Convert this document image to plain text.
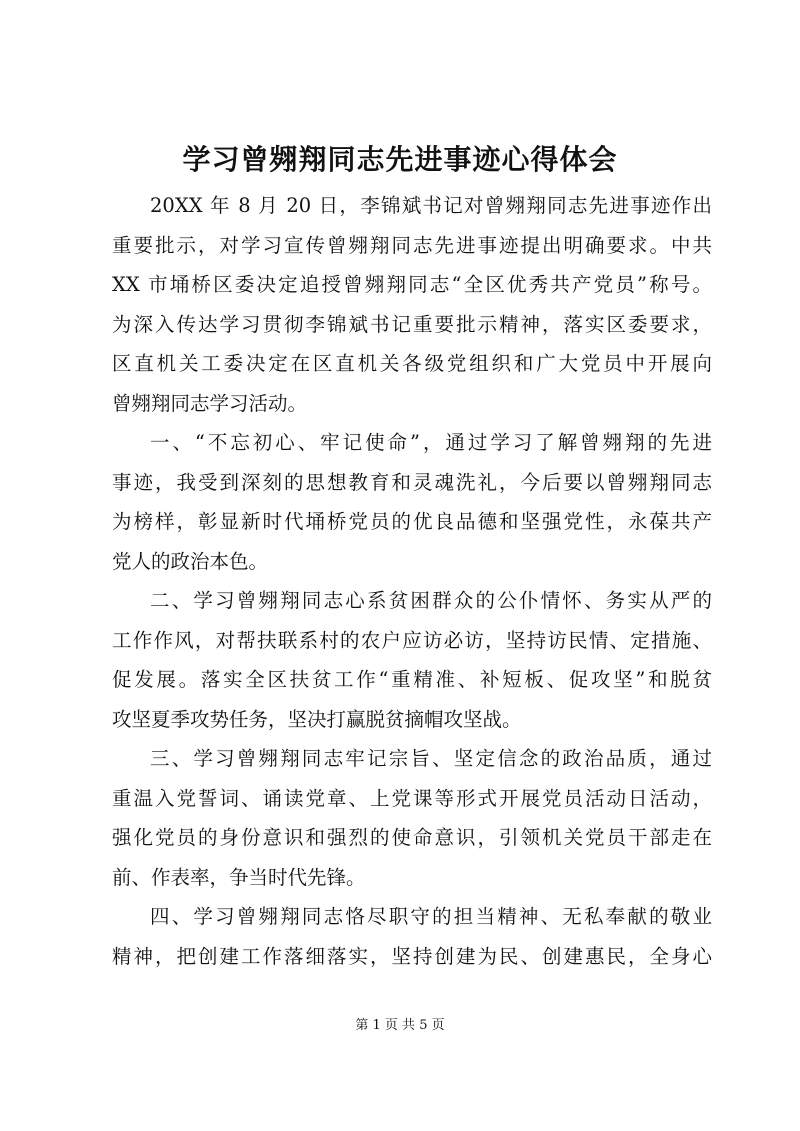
学习曾翙翔同志先进事迹心得体会
20XX 年 8 月 20 日，李锦斌书记对曾翙翔同志先进事迹作出
重要批示，对学习宣传曾翙翔同志先进事迹提出明确要求。中共
XX 市埇桥区委决定追授曾翙翔同志“全区优秀共产党员”称号。
为深入传达学习贯彻李锦斌书记重要批示精神，落实区委要求，
区直机关工委决定在区直机关各级党组织和广大党员中开展向
曾翙翔同志学习活动。
一、“不忘初心、牢记使命”，通过学习了解曾翙翔的先进
事迹，我受到深刻的思想教育和灵魂洗礼，今后要以曾翙翔同志
为榜样，彰显新时代埇桥党员的优良品德和坚强党性，永葆共产
党人的政治本色。
二、学习曾翙翔同志心系贫困群众的公仆情怀、务实从严的
工作作风，对帮扶联系村的农户应访必访，坚持访民情、定措施、
促发展。落实全区扶贫工作“重精准、补短板、促攻坚”和脱贫
攻坚夏季攻势任务，坚决打赢脱贫摘帽攻坚战。
三、学习曾翙翔同志牢记宗旨、坚定信念的政治品质，通过
重温入党誓词、诵读党章、上党课等形式开展党员活动日活动，
强化党员的身份意识和强烈的使命意识，引领机关党员干部走在
前、作表率，争当时代先锋。
四、学习曾翙翔同志恪尽职守的担当精神、无私奉献的敬业
精神，把创建工作落细落实，坚持创建为民、创建惠民，全身心
第 1 页 共 5 页
